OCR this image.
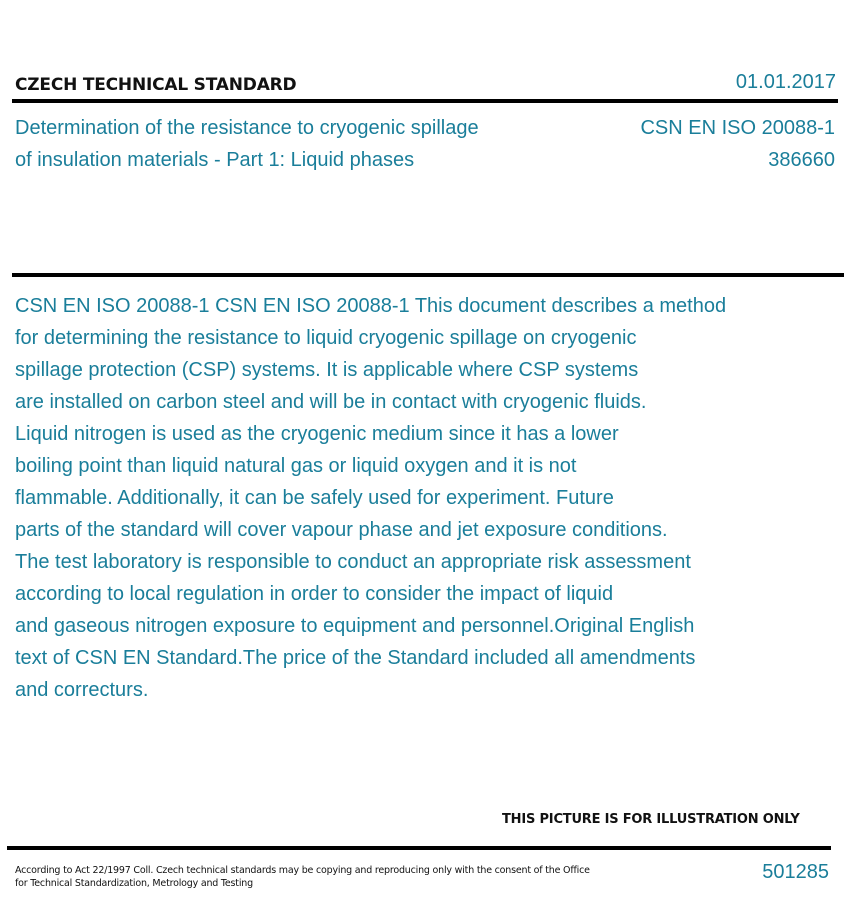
CZECH TECHNICAL STANDARD	01.01.2017
Determination of the resistance to cryogenic spillage
of insulation materials - Part 1: Liquid phases
CSN EN ISO 20088-1
386660
CSN EN ISO 20088-1 CSN EN ISO 20088-1 This document describes a method
for determining the resistance to liquid cryogenic spillage on cryogenic
spillage protection (CSP) systems. It is applicable where CSP systems
are installed on carbon steel and will be in contact with cryogenic fluids.
Liquid nitrogen is used as the cryogenic medium since it has a lower
boiling point than liquid natural gas or liquid oxygen and it is not
flammable. Additionally, it can be safely used for experiment. Future
parts of the standard will cover vapour phase and jet exposure conditions.
The test laboratory is responsible to conduct an appropriate risk assessment
according to local regulation in order to consider the impact of liquid
and gaseous nitrogen exposure to equipment and personnel.Original English
text of CSN EN Standard.The price of the Standard included all amendments
and correcturs.
THIS PICTURE IS FOR ILLUSTRATION ONLY
According to Act 22/1997 Coll. Czech technical standards may be copying and reproducing only with the consent of the Office
for Technical Standardization, Metrology and Testing
501285
